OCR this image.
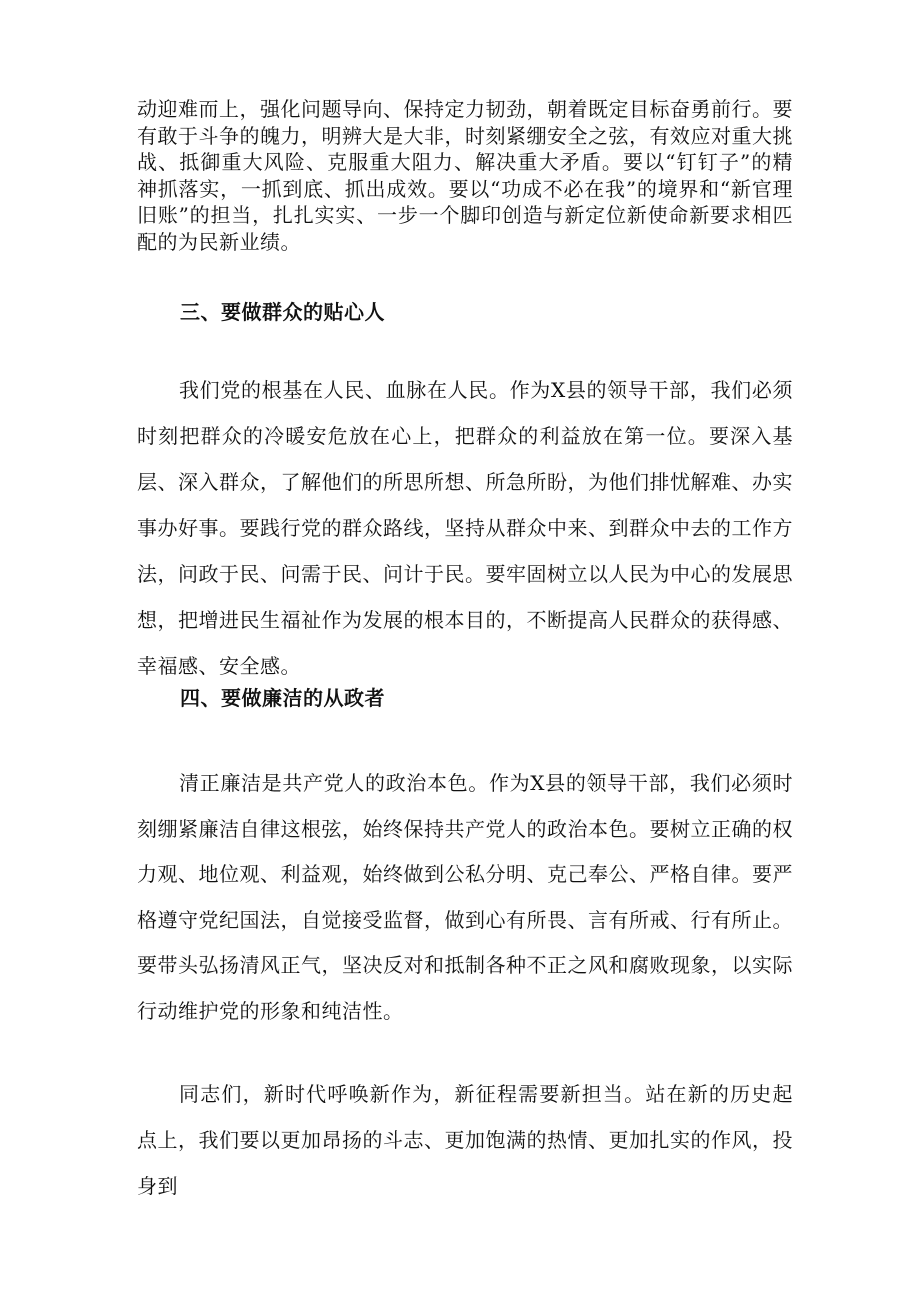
动迎难而上，强化问题导向、保持定力韧劲，朝着既定目标奋勇前行。要有敢于斗争的魄力，明辨大是大非，时刻紧绷安全之弦，有效应对重大挑战、抵御重大风险、克服重大阻力、解决重大矛盾。要以“钉钉子”的精神抓落实，一抓到底、抓出成效。要以“功成不必在我”的境界和“新官理旧账”的担当，扎扎实实、一步一个脚印创造与新定位新使命新要求相匹配的为民新业绩。

三、要做群众的贴心人

我们党的根基在人民、血脉在人民。作为X县的领导干部，我们必须时刻把群众的冷暖安危放在心上，把群众的利益放在第一位。要深入基层、深入群众，了解他们的所思所想、所急所盼，为他们排忧解难、办实事办好事。要践行党的群众路线，坚持从群众中来、到群众中去的工作方法，问政于民、问需于民、问计于民。要牢固树立以人民为中心的发展思想，把增进民生福祉作为发展的根本目的，不断提高人民群众的获得感、幸福感、安全感。

四、要做廉洁的从政者

清正廉洁是共产党人的政治本色。作为X县的领导干部，我们必须时刻绷紧廉洁自律这根弦，始终保持共产党人的政治本色。要树立正确的权力观、地位观、利益观，始终做到公私分明、克己奉公、严格自律。要严格遵守党纪国法，自觉接受监督，做到心有所畏、言有所戒、行有所止。要带头弘扬清风正气，坚决反对和抵制各种不正之风和腐败现象，以实际行动维护党的形象和纯洁性。

同志们，新时代呼唤新作为，新征程需要新担当。站在新的历史起点上，我们要以更加昂扬的斗志、更加饱满的热情、更加扎实的作风，投身到
